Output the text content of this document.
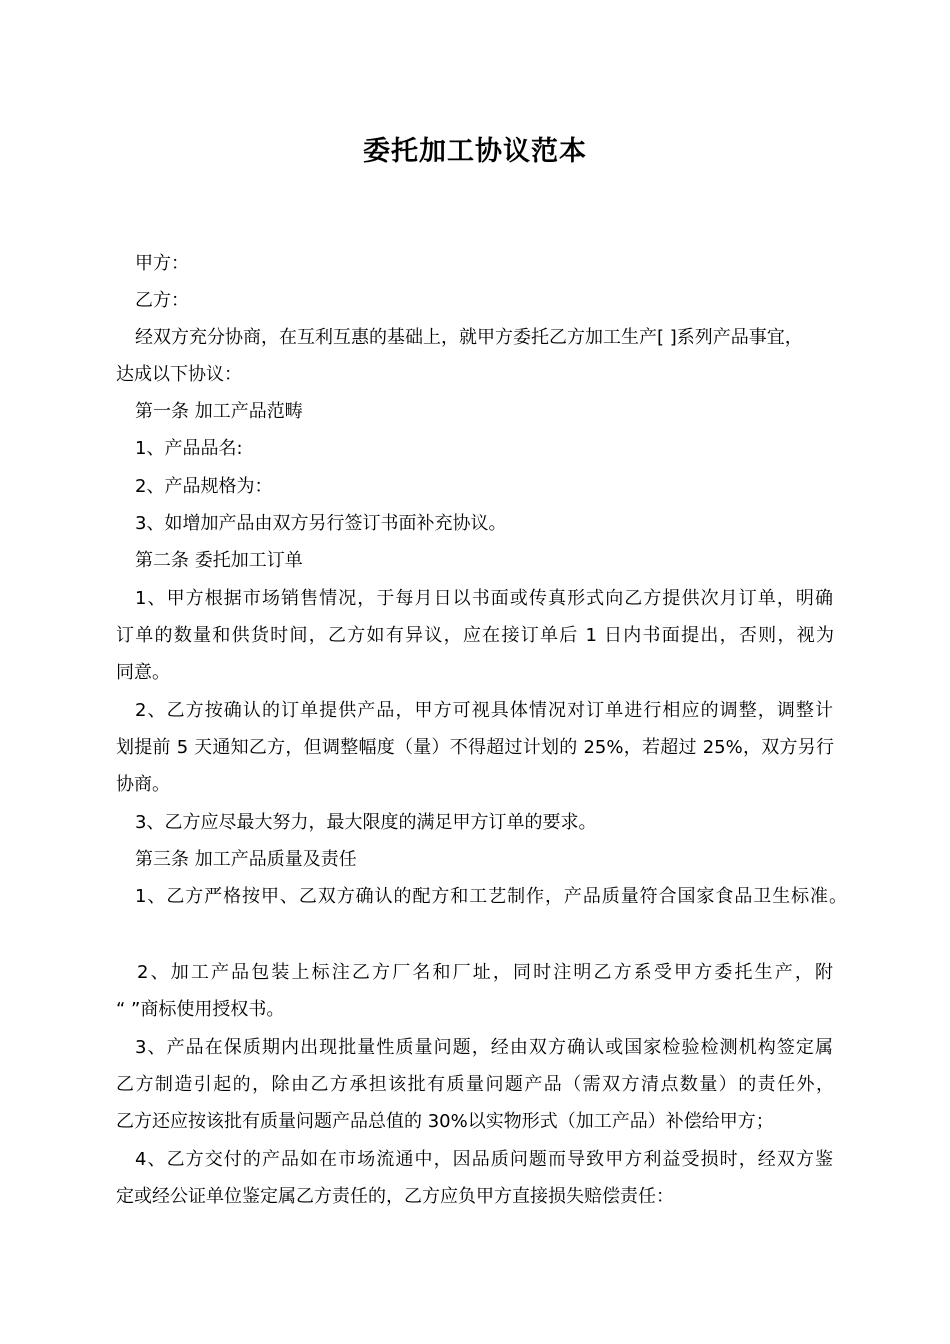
委托加工协议范本
甲方：
乙方：
经双方充分协商，在互利互惠的基础上，就甲方委托乙方加工生产[ ]系列产品事宜，
达成以下协议：
第一条 加工产品范畴
1、产品品名:
2、产品规格为：
3、如增加产品由双方另行签订书面补充协议。
第二条 委托加工订单
1、甲方根据市场销售情况，于每月日以书面或传真形式向乙方提供次月订单，明确
订单的数量和供货时间，乙方如有异议，应在接订单后 1 日内书面提出，否则，视为
同意。
2、乙方按确认的订单提供产品，甲方可视具体情况对订单进行相应的调整，调整计
划提前 5 天通知乙方，但调整幅度（量）不得超过计划的 25%，若超过 25%，双方另行
协商。
3、乙方应尽最大努力，最大限度的满足甲方订单的要求。
第三条 加工产品质量及责任
1、乙方严格按甲、乙双方确认的配方和工艺制作，产品质量符合国家食品卫生标准。
2、加工产品包装上标注乙方厂名和厂址，同时注明乙方系受甲方委托生产，附
“ ”商标使用授权书。
3、产品在保质期内出现批量性质量问题，经由双方确认或国家检验检测机构签定属
乙方制造引起的，除由乙方承担该批有质量问题产品（需双方清点数量）的责任外，
乙方还应按该批有质量问题产品总值的 30%以实物形式（加工产品）补偿给甲方；
4、乙方交付的产品如在市场流通中，因品质问题而导致甲方利益受损时，经双方鉴
定或经公证单位鉴定属乙方责任的，乙方应负甲方直接损失赔偿责任：
